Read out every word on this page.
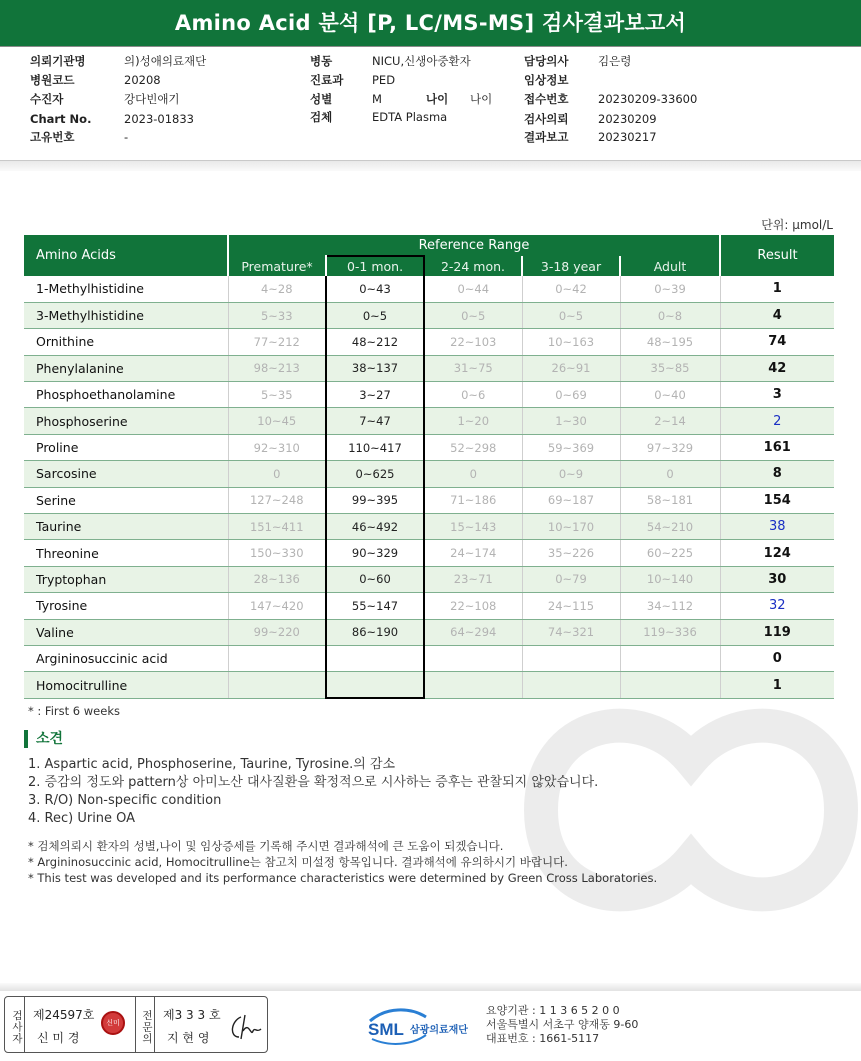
Amino Acid 분석 [P, LC/MS-MS] 검사결과보고서
의뢰기관명	의)성애의료재단
병원코드	20208
수진자	강다빈애기
Chart No.	2023-01833
고유번호	-
병동	NICU,신생아중환자
진료과 PED
성별	M
검체	EDTA Plasma
담당의사	김은령
임상정보
접수번호	20230209-33600
검사의뢰	20230209
결과보고	20230217
나이 나이
단위: μmol/L
Amino Acids	Reference Range					Result
	Premature*	0-1 mon.	2-24 mon.	3-18 year	Adult	
1-Methylhistidine	4~28	0~43	0~44	0~42	0~39	1
3-Methylhistidine	5~33	0~5	0~5	0~5	0~8	4
Ornithine	77~212	48~212	22~103	10~163	48~195	74
Phenylalanine	98~213	38~137	31~75	26~91	35~85	42
Phosphoethanolamine	5~35	3~27	0~6	0~69	0~40	3
Phosphoserine	10~45	7~47	1~20	1~30	2~14	2
Proline	92~310	110~417	52~298	59~369	97~329	161
Sarcosine	0	0~625	0	0~9	0	8
Serine	127~248	99~395	71~186	69~187	58~181	154
Taurine	151~411	46~492	15~143	10~170	54~210	38
Threonine	150~330	90~329	24~174	35~226	60~225	124
Tryptophan	28~136	0~60	23~71	0~79	10~140	30
Tyrosine	147~420	55~147	22~108	24~115	34~112	32
Valine	99~220	86~190	64~294	74~321	119~336	119
Argininosuccinic acid						0
Homocitrulline						1
* : First 6 weeks
소견
1. Aspartic acid, Phosphoserine, Taurine, Tyrosine.의 감소
2. 증감의 정도와 pattern상 아미노산 대사질환을 확정적으로 시사하는 증후는 관찰되지 않았습니다.
3. R/O) Non-specific condition
4. Rec) Urine OA
* 검체의뢰시 환자의 성별,나이 및 임상증세를 기록해 주시면 결과해석에 큰 도움이 되겠습니다.
* Argininosuccinic acid, Homocitrulline는 참고치 미설정 항목입니다. 결과해석에 유의하시기 바랍니다.
* This test was developed and its performance characteristics were determined by Green Cross Laboratories.
검사자 제24597호
신 미 경
신미경	전문의 제3 3 3 호
지 현 영	SML 삼광의료재단
요양기관 : 1 1 3 6 5 2 0 0
서울특별시 서초구 양재동 9-60
대표번호 : 1661-5117
